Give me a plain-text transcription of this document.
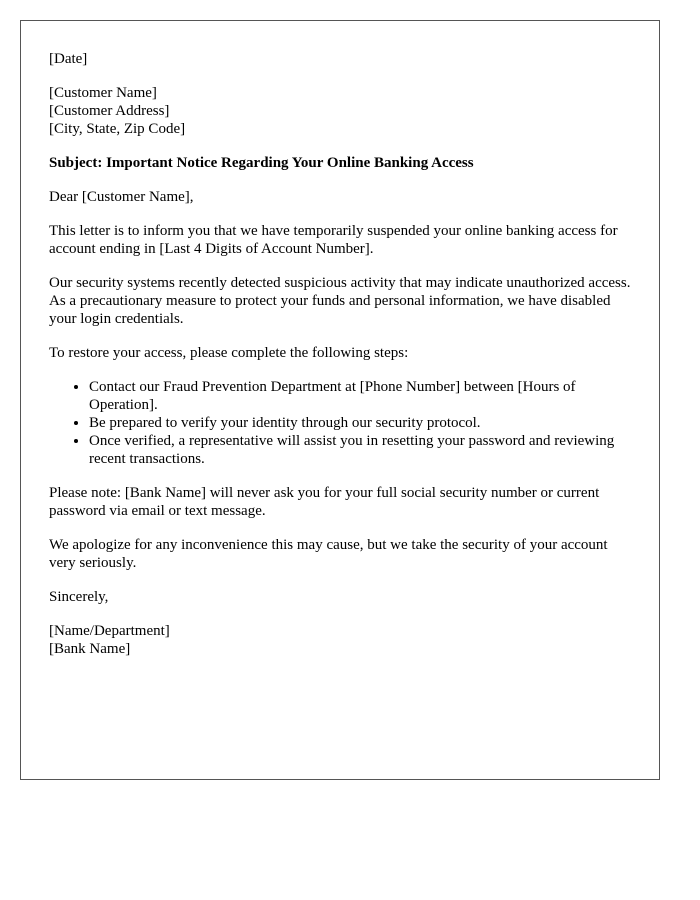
[Date]

[Customer Name]
[Customer Address]
[City, State, Zip Code]

Subject: Important Notice Regarding Your Online Banking Access

Dear [Customer Name],

This letter is to inform you that we have temporarily suspended your online banking access for account ending in [Last 4 Digits of Account Number].

Our security systems recently detected suspicious activity that may indicate unauthorized access. As a precautionary measure to protect your funds and personal information, we have disabled your login credentials.

To restore your access, please complete the following steps:

• Contact our Fraud Prevention Department at [Phone Number] between [Hours of Operation].
• Be prepared to verify your identity through our security protocol.
• Once verified, a representative will assist you in resetting your password and reviewing recent transactions.

Please note: [Bank Name] will never ask you for your full social security number or current password via email or text message.

We apologize for any inconvenience this may cause, but we take the security of your account very seriously.

Sincerely,

[Name/Department]
[Bank Name]
